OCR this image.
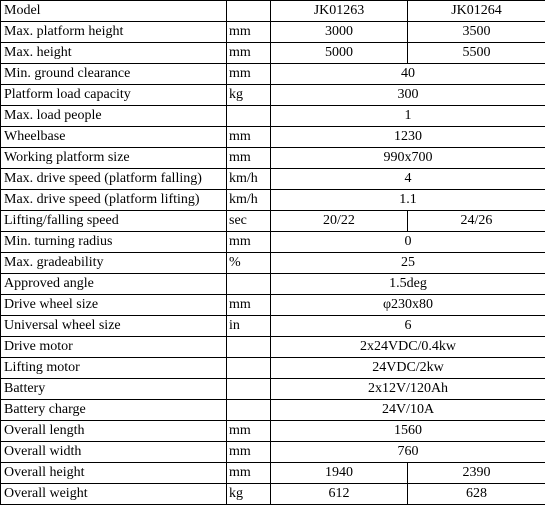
Model		JK01263	JK01264
Max. platform height	mm	3000	3500
Max. height	mm	5000	5500
Min. ground clearance	mm	40	
Platform load capacity	kg	300	
Max. load people		1	
Wheelbase	mm	1230	
Working platform size	mm	990x700	
Max. drive speed (platform falling)	km/h	4	
Max. drive speed (platform lifting)	km/h	1.1	
Lifting/falling speed	sec	20/22	24/26
Min. turning radius	mm	0	
Max. gradeability	%	25	
Approved angle		1.5deg	
Drive wheel size	mm	φ230x80	
Universal wheel size	in	6	
Drive motor		2x24VDC/0.4kw	
Lifting motor		24VDC/2kw	
Battery		2x12V/120Ah	
Battery charge		24V/10A	
Overall length	mm	1560	
Overall width	mm	760	
Overall height	mm	1940	2390
Overall weight	kg	612	628
